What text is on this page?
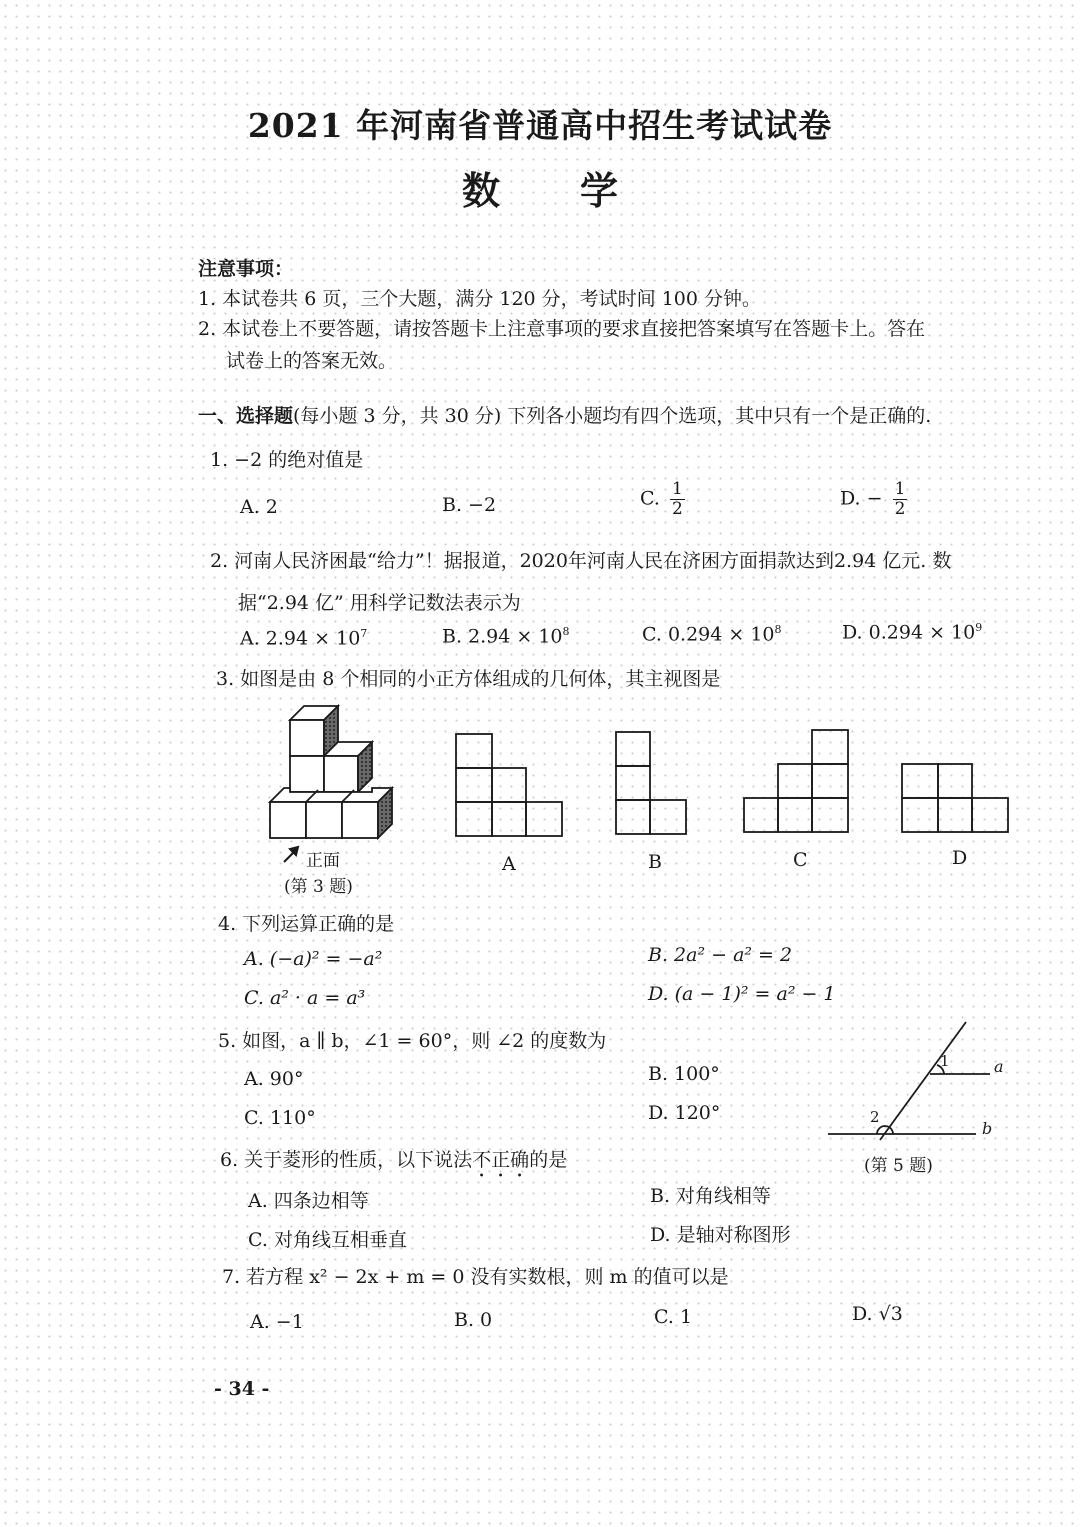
2021 年河南省普通高中招生考试试卷
数学
注意事项：
1. 本试卷共 6 页，三个大题，满分 120 分，考试时间 100 分钟。
2. 本试卷上不要答题，请按答题卡上注意事项的要求直接把答案填写在答题卡上。答在
试卷上的答案无效。
一、选择题(每小题 3 分，共 30 分) 下列各小题均有四个选项，其中只有一个是正确的.
1. −2 的绝对值是
A. 2	B. −2	C. $\frac{1}{2}$	D. − $\frac{1}{2}$
2. 河南人民济困最“给力”！据报道，2020年河南人民在济困方面捐款达到2.94 亿元. 数
据“2.94 亿” 用科学记数法表示为
A. $2.94 \times 10^7$	B. $2.94 \times 10^8$	C. $0.294 \times 10^8$	D. $0.294 \times 10^9$
3. 如图是由 8 个相同的小正方体组成的几何体，其主视图是
正面
(第 3 题)
A	B	C	D
4. 下列运算正确的是
A. (−a)² = −a²	B. 2a² − a² = 2
C. a² · a = a³	D. (a − 1)² = a² − 1
5. 如图，a ∥ b，∠1 = 60°，则 ∠2 的度数为
A. 90°	B. 100°
C. 110°	D. 120°
1
2
a
b
(第 5 题)
6. 关于菱形的性质，以下说法不正确的是
A. 四条边相等	B. 对角线相等
C. 对角线互相垂直	D. 是轴对称图形
7. 若方程 x² − 2x + m = 0 没有实数根，则 m 的值可以是
A. −1	B. 0	C. 1	D. √3
- 34 -
